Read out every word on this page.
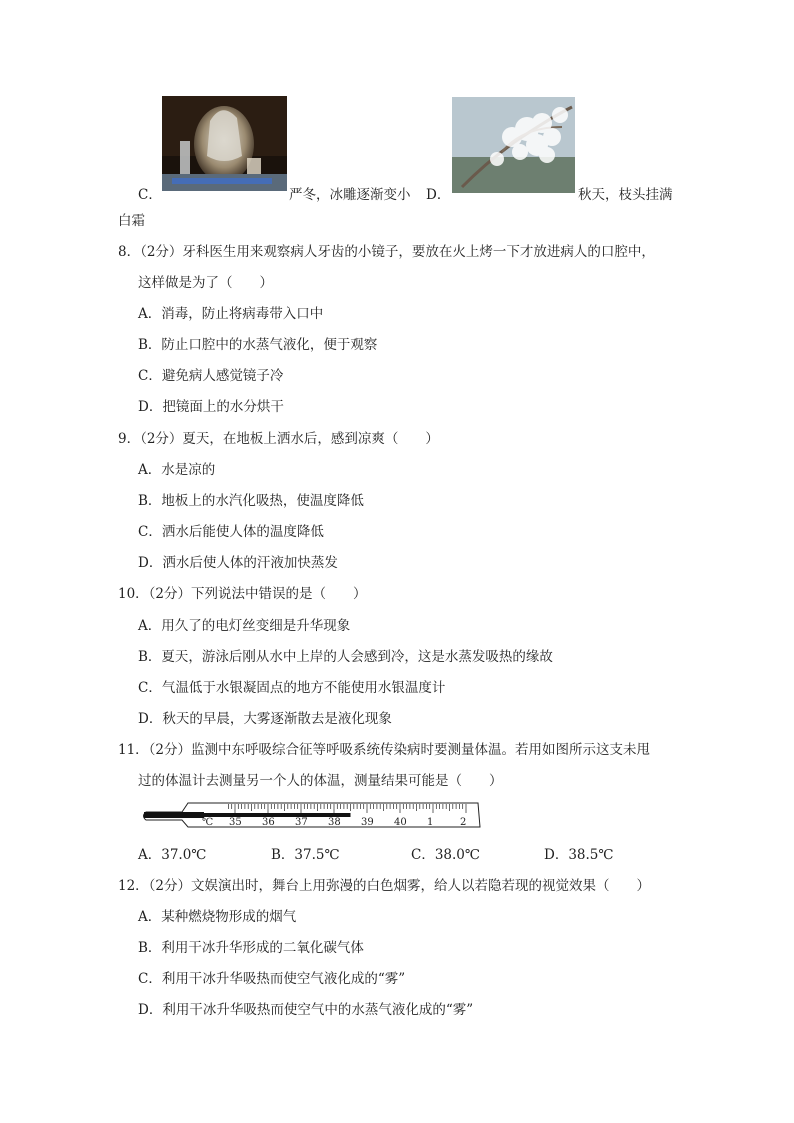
C．	严冬，冰雕逐渐变小 D．	秋天，枝头挂满
白霜
8．（2分）牙科医生用来观察病人牙齿的小镜子，要放在火上烤一下才放进病人的口腔中，
这样做是为了（　　）
A．消毒，防止将病毒带入口中
B．防止口腔中的水蒸气液化，便于观察
C．避免病人感觉镜子冷
D．把镜面上的水分烘干
9．（2分）夏天，在地板上洒水后，感到凉爽（　　）
A．水是凉的
B．地板上的水汽化吸热，使温度降低
C．洒水后能使人体的温度降低
D．洒水后使人体的汗液加快蒸发
10．（2分）下列说法中错误的是（　　）
A．用久了的电灯丝变细是升华现象
B．夏天，游泳后刚从水中上岸的人会感到冷，这是水蒸发吸热的缘故
C．气温低于水银凝固点的地方不能使用水银温度计
D．秋天的早晨，大雾逐渐散去是液化现象
11．（2分）监测中东呼吸综合征等呼吸系统传染病时要测量体温。若用如图所示这支未甩
过的体温计去测量另一个人的体温，测量结果可能是（　　）
℃ 35 36 37 38 39 40 1	2
A．37.0℃	B．37.5℃	C．38.0℃	D．38.5℃
12．（2分）文娱演出时，舞台上用弥漫的白色烟雾，给人以若隐若现的视觉效果（　　）
A．某种燃烧物形成的烟气
B．利用干冰升华形成的二氧化碳气体
C．利用干冰升华吸热而使空气液化成的“雾”
D．利用干冰升华吸热而使空气中的水蒸气液化成的“雾”
